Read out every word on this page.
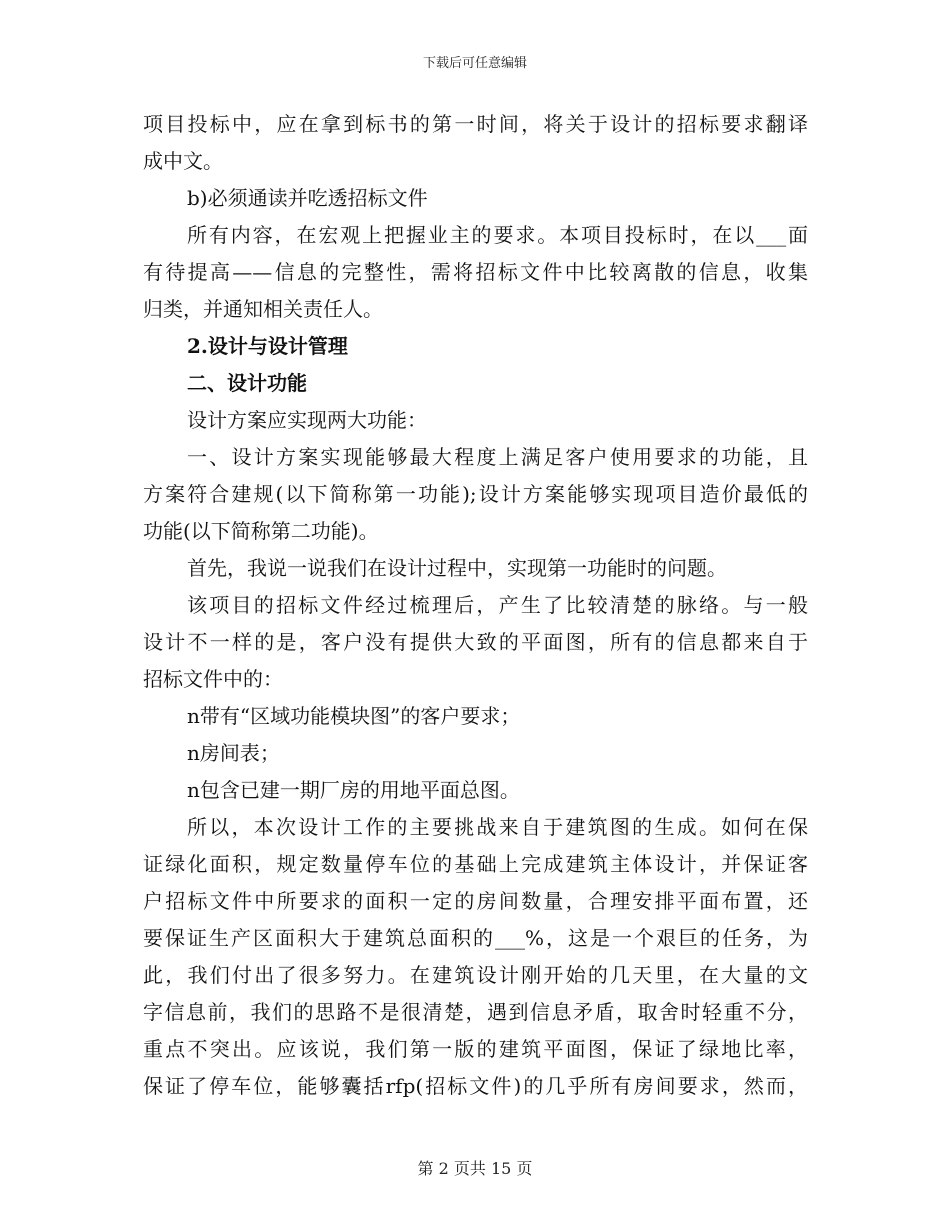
下载后可任意编辑
项目投标中，应在拿到标书的第一时间，将关于设计的招标要求翻译
成中文。
b)必须通读并吃透招标文件
所有内容，在宏观上把握业主的要求。本项目投标时，在以___面
有待提高——信息的完整性，需将招标文件中比较离散的信息，收集
归类，并通知相关责任人。
2.设计与设计管理
二、设计功能
设计方案应实现两大功能：
一、设计方案实现能够最大程度上满足客户使用要求的功能，且
方案符合建规(以下简称第一功能);设计方案能够实现项目造价最低的
功能(以下简称第二功能)。
首先，我说一说我们在设计过程中，实现第一功能时的问题。
该项目的招标文件经过梳理后，产生了比较清楚的脉络。与一般
设计不一样的是，客户没有提供大致的平面图，所有的信息都来自于
招标文件中的：
n带有“区域功能模块图”的客户要求；
n房间表；
n包含已建一期厂房的用地平面总图。
所以，本次设计工作的主要挑战来自于建筑图的生成。如何在保
证绿化面积，规定数量停车位的基础上完成建筑主体设计，并保证客
户招标文件中所要求的面积一定的房间数量，合理安排平面布置，还
要保证生产区面积大于建筑总面积的___%，这是一个艰巨的任务，为
此，我们付出了很多努力。在建筑设计刚开始的几天里，在大量的文
字信息前，我们的思路不是很清楚，遇到信息矛盾，取舍时轻重不分，
重点不突出。应该说，我们第一版的建筑平面图，保证了绿地比率，
保证了停车位，能够囊括rfp(招标文件)的几乎所有房间要求，然而，
第 2 页共 15 页
